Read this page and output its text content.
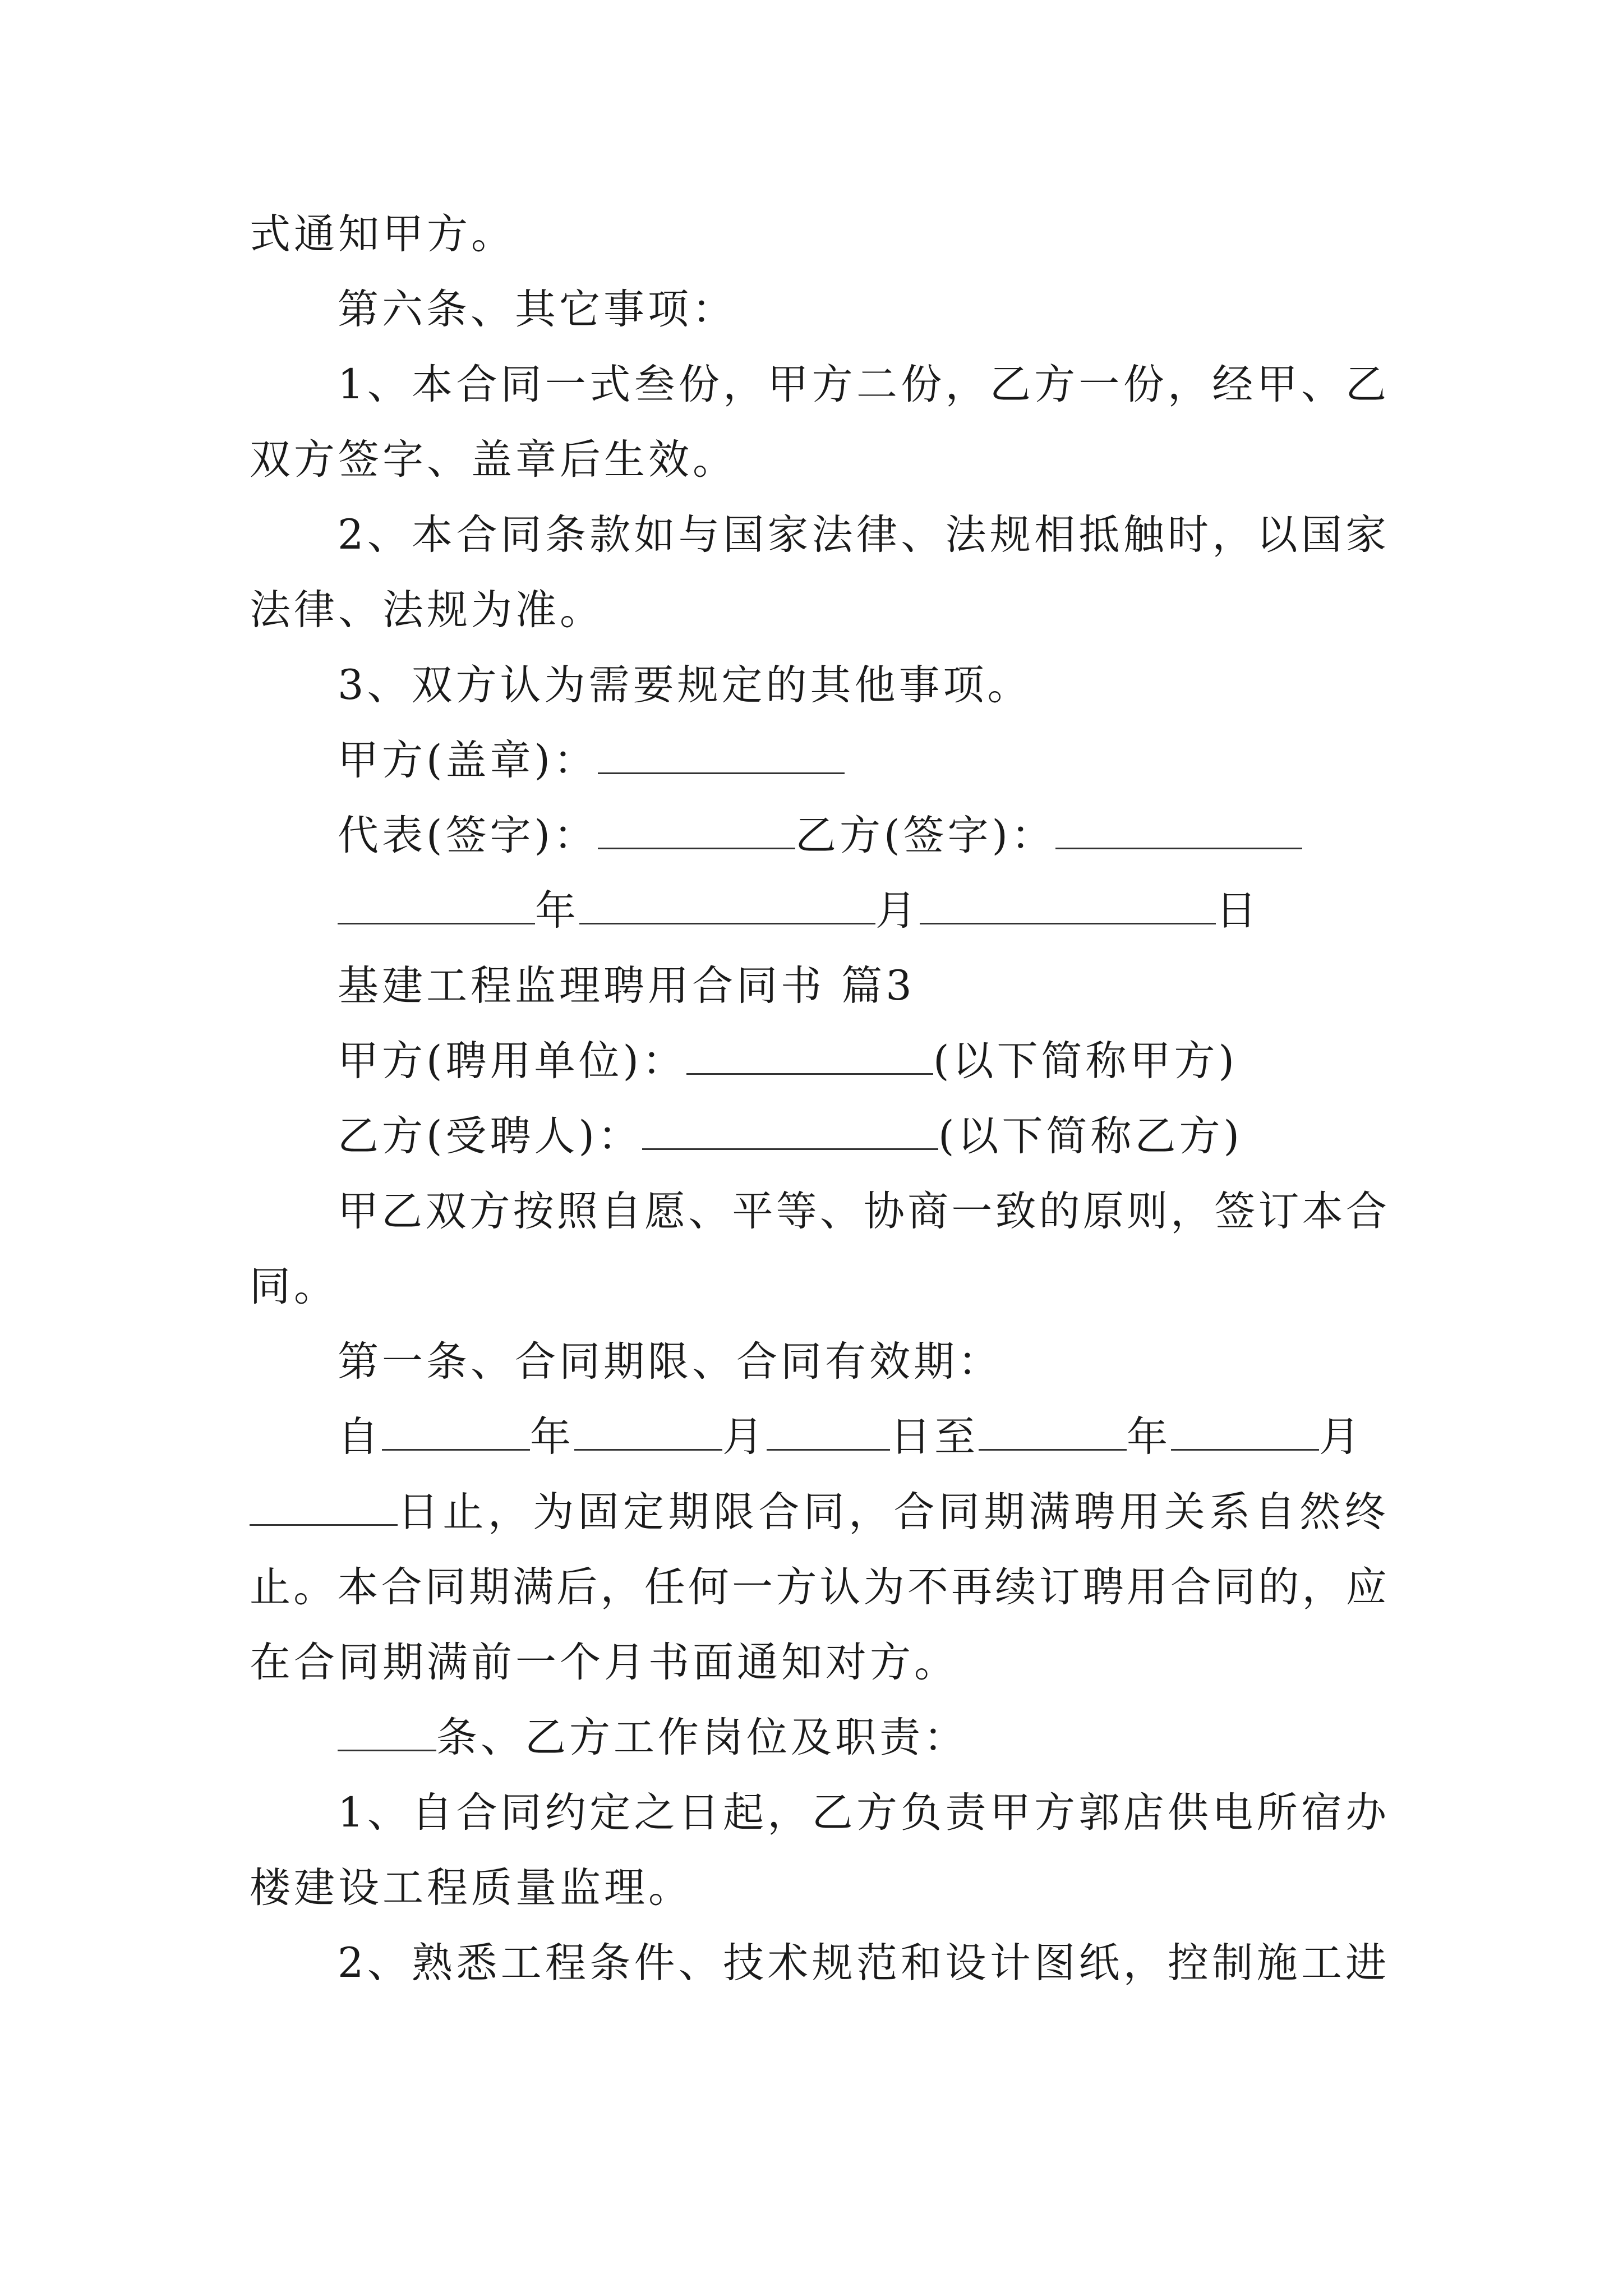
式通知甲方。
第六条、其它事项：
1、本合同一式叁份，甲方二份，乙方一份，经甲、乙
双方签字、盖章后生效。
2、本合同条款如与国家法律、法规相抵触时，以国家
法律、法规为准。
3、双方认为需要规定的其他事项。
甲方(盖章)：
代表(签字)：	乙方(签字)：
年	月	日
基建工程监理聘用合同书 篇3
甲方(聘用单位)：	(以下简称甲方)
乙方(受聘人)：	(以下简称乙方)
甲乙双方按照自愿、平等、协商一致的原则，签订本合
同。
第一条、合同期限、合同有效期：
自	年	月	日至	年	月
日止，为固定期限合同，合同期满聘用关系自然终
止。本合同期满后，任何一方认为不再续订聘用合同的，应
在合同期满前一个月书面通知对方。
条、乙方工作岗位及职责：
1、自合同约定之日起，乙方负责甲方郭店供电所宿办
楼建设工程质量监理。
2、熟悉工程条件、技术规范和设计图纸，控制施工进
